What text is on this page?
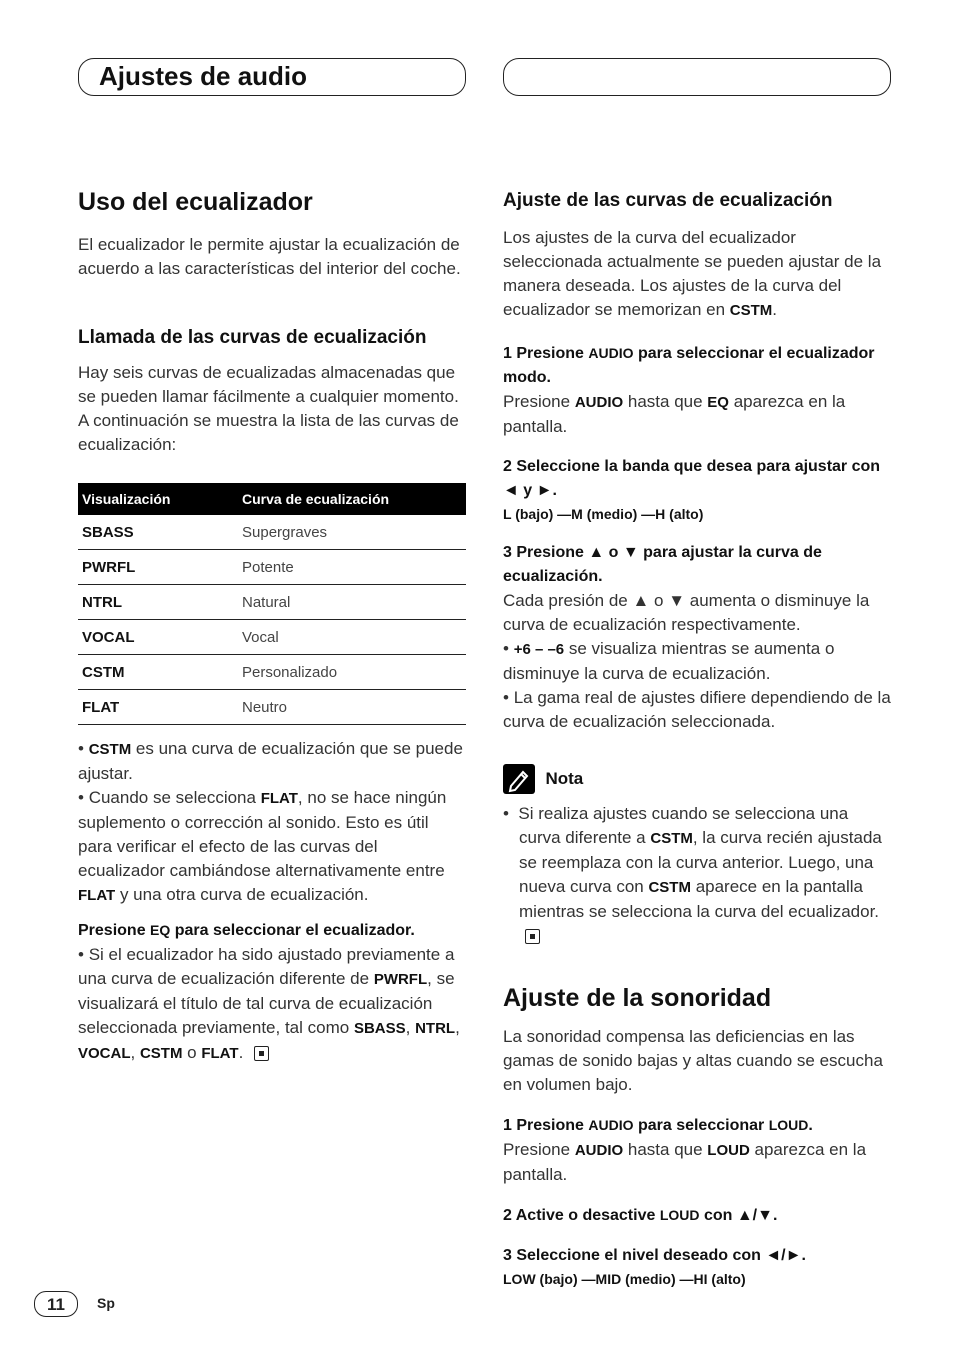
Ajustes de audio
Uso del ecualizador

El ecualizador le permite ajustar la ecualización de acuerdo a las características del interior del coche.

Llamada de las curvas de ecualización

Hay seis curvas de ecualizadas almacenadas que se pueden llamar fácilmente a cualquier momento. A continuación se muestra la lista de las curvas de ecualización:

Visualización	Curva de ecualización
SBASS	Supergraves
PWRFL	Potente
NTRL	Natural
VOCAL	Vocal
CSTM	Personalizado
FLAT	Neutro

• CSTM es una curva de ecualización que se puede ajustar.

• Cuando se selecciona FLAT, no se hace ningún suplemento o corrección al sonido. Esto es útil para verificar el efecto de las curvas del ecualizador cambiándose alternativamente entre FLAT y una otra curva de ecualización.

Presione EQ para seleccionar el ecualizador.

• Si el ecualizador ha sido ajustado previamente a una curva de ecualización diferente de PWRFL, se visualizará el título de tal curva de ecualización seleccionada previamente, tal como SBASS, NTRL, VOCAL, CSTM o FLAT.

Ajuste de las curvas de ecualización

Los ajustes de la curva del ecualizador seleccionada actualmente se pueden ajustar de la manera deseada. Los ajustes de la curva del ecualizador se memorizan en CSTM.

1 Presione AUDIO para seleccionar el ecualizador modo.

Presione AUDIO hasta que EQ aparezca en la pantalla.

2 Seleccione la banda que desea para ajustar con ◄ y ►.

L (bajo) —M (medio) —H (alto)

3 Presione ▲ o ▼ para ajustar la curva de ecualización.

Cada presión de ▲ o ▼ aumenta o disminuye la curva de ecualización respectivamente.

• +6 – –6 se visualiza mientras se aumenta o disminuye la curva de ecualización.

• La gama real de ajustes difiere dependiendo de la curva de ecualización seleccionada.

Nota

•  Si realiza ajustes cuando se selecciona una curva diferente a CSTM, la curva recién ajustada se reemplaza con la curva anterior. Luego, una nueva curva con CSTM aparece en la pantalla mientras se selecciona la curva del ecualizador.

Ajuste de la sonoridad

La sonoridad compensa las deficiencias en las gamas de sonido bajas y altas cuando se escucha en volumen bajo.

1 Presione AUDIO para seleccionar LOUD.

Presione AUDIO hasta que LOUD aparezca en la pantalla.

2 Active o desactive LOUD con ▲/▼.

3 Seleccione el nivel deseado con ◄/►.

LOW (bajo) —MID (medio) —HI (alto)

11	Sp
